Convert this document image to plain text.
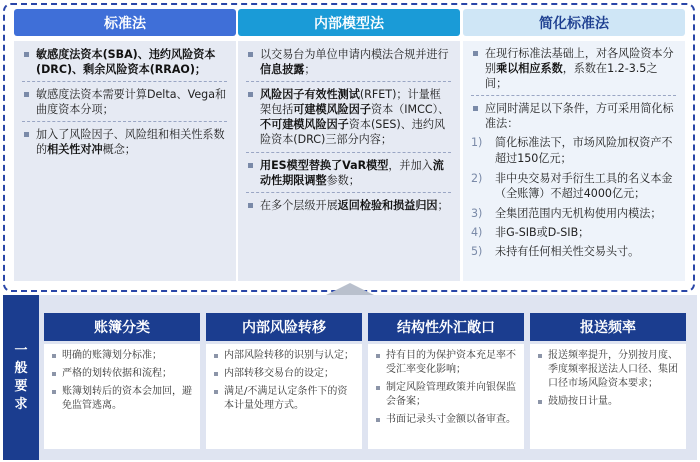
标准法
敏感度法资本(SBA)、违约风险资本(DRC)、剩余风险资本(RRAO)；
敏感度法资本需要计算Delta、Vega和曲度资本分项；
加入了风险因子、风险组和相关性系数的相关性对冲概念；
内部模型法
以交易台为单位申请内模法合规并进行信息披露；
风险因子有效性测试(RFET)；计量框架包括可建模风险因子资本（IMCC）、不可建模风险因子资本(SES)、违约风险资本(DRC)三部分内容；
用ES模型替换了VaR模型，并加入流动性期限调整参数；
在多个层级开展返回检验和损益归因；
简化标准法
在现行标准法基础上，对各风险资本分别乘以相应系数，系数在1.2-3.5之间；
应同时满足以下条件，方可采用简化标准法：
1) 简化标准法下，市场风险加权资产不超过150亿元；
2) 非中央交易对手衍生工具的名义本金（全账簿）不超过4000亿元；
3) 全集团范围内无机构使用内模法；
4) 非G-SIB或D-SIB；
5) 未持有任何相关性交易头寸。
一
般
要
求
账簿分类
明确的账簿划分标准；
严格的划转依据和流程；
账簿划转后的资本会加回，避免监管逃离。
内部风险转移
内部风险转移的识别与认定；
内部转移交易台的设定；
满足/不满足认定条件下的资本计量处理方式。
结构性外汇敞口
持有目的为保护资本充足率不受汇率变化影响；
制定风险管理政策并向银保监会备案；
书面记录头寸金额以备审查。
报送频率
报送频率提升，分别按月度、季度频率报送法人口径、集团口径市场风险资本要求；
鼓励按日计量。
